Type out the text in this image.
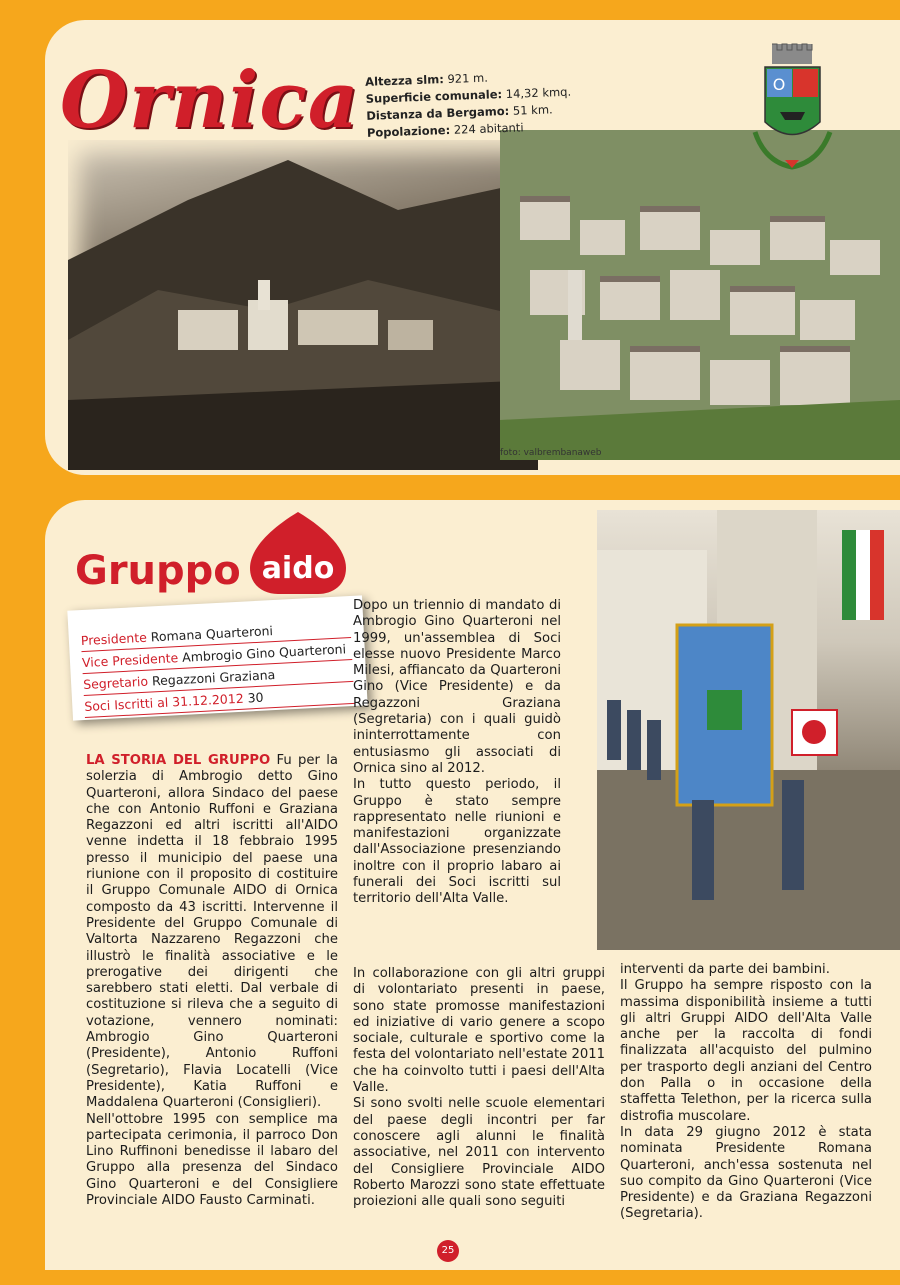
foto: valbrembanaweb
Ornica Altezza slm: 921 m.
Superficie comunale: 14,32 kmq.
Distanza da Bergamo: 51 km.
Popolazione: 224 abitanti
O
Gruppo aido
Presidente Romana Quarteroni
Vice Presidente Ambrogio Gino Quarteroni
Segretario Regazzoni Graziana
Soci Iscritti al 31.12.2012 30

LA STORIA DEL GRUPPO Fu per la solerzia di Ambrogio detto Gino Quarteroni, allora Sindaco del paese che con Antonio Ruffoni e Graziana Regazzoni ed altri iscritti all'AIDO venne indetta il 18 febbraio 1995 presso il municipio del paese una riunione con il proposito di costituire il Gruppo Comunale AIDO di Ornica composto da 43 iscritti. Intervenne il Presidente del Gruppo Comunale di Valtorta Nazzareno Regazzoni che illustrò le finalità associative e le prerogative dei dirigenti che sarebbero stati eletti. Dal verbale di costituzione si rileva che a seguito di votazione, vennero nominati: Ambrogio Gino Quarteroni (Presidente), Antonio Ruffoni (Segretario), Flavia Locatelli (Vice Presidente), Katia Ruffoni e Maddalena Quarteroni (Consiglieri).

Nell'ottobre 1995 con semplice ma partecipata cerimonia, il parroco Don Lino Ruffinoni benedisse il labaro del Gruppo alla presenza del Sindaco Gino Quarteroni e del Consigliere Provinciale AIDO Fausto Carminati.

Dopo un triennio di mandato di Ambrogio Gino Quarteroni nel 1999, un'assemblea di Soci elesse nuovo Presidente Marco Milesi, affiancato da Quarteroni Gino (Vice Presidente) e da Regazzoni Graziana (Segretaria) con i quali guidò ininterrottamente con entusiasmo gli associati di Ornica sino al 2012.

In tutto questo periodo, il Gruppo è stato sempre rappresentato nelle riunioni e manifestazioni organizzate dall'Associazione presenziando inoltre con il proprio labaro ai funerali dei Soci iscritti sul territorio dell'Alta Valle.

In collaborazione con gli altri gruppi di volontariato presenti in paese, sono state promosse manifestazioni ed iniziative di vario genere a scopo sociale, culturale e sportivo come la festa del volontariato nell'estate 2011 che ha coinvolto tutti i paesi dell'Alta Valle.

Si sono svolti nelle scuole elementari del paese degli incontri per far conoscere agli alunni le finalità associative, nel 2011 con intervento del Consigliere Provinciale AIDO Roberto Marozzi sono state effettuate proiezioni alle quali sono seguiti

interventi da parte dei bambini.

Il Gruppo ha sempre risposto con la massima disponibilità insieme a tutti gli altri Gruppi AIDO dell'Alta Valle anche per la raccolta di fondi finalizzata all'acquisto del pulmino per trasporto degli anziani del Centro don Palla o in occasione della staffetta Telethon, per la ricerca sulla distrofia muscolare.

In data 29 giugno 2012 è stata nominata Presidente Romana Quarteroni, anch'essa sostenuta nel suo compito da Gino Quarteroni (Vice Presidente) e da Graziana Regazzoni (Segretaria).

25
